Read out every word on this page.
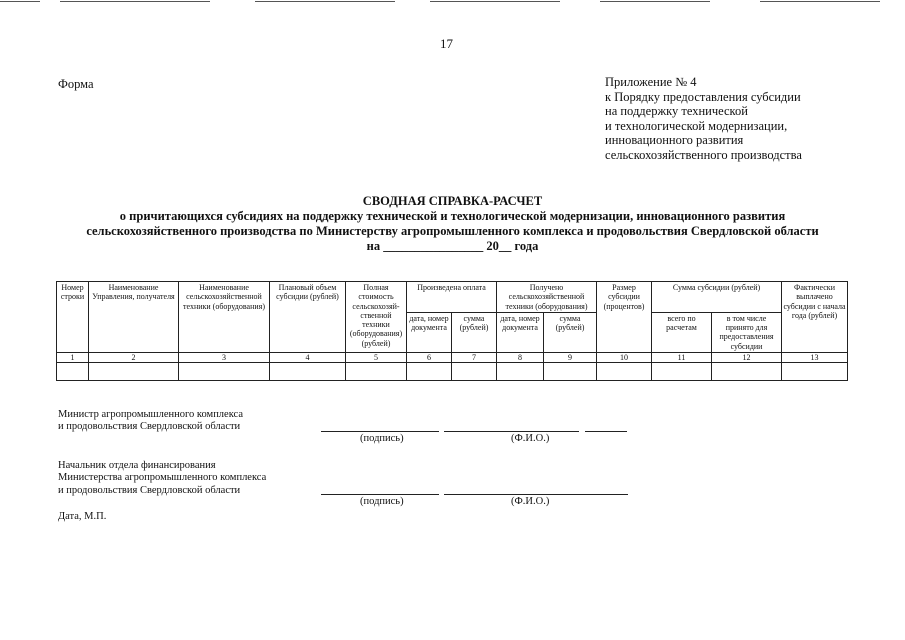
17
Форма	Приложение № 4
к Порядку предоставления субсидии
на поддержку технической
и технологической модернизации,
инновационного развития
сельскохозяйственного производства
СВОДНАЯ СПРАВКА-РАСЧЕТ
о причитающихся субсидиях на поддержку технической и технологической модернизации, инновационного развития
сельскохозяйственного производства по Министерству агропромышленного комплекса и продовольствия Свердловской области
на ________________ 20__ года
Номер строки	Наименование Управления, получателя	Наименование сельскохозяйственной техники (оборудования)	Плановый объем субсидии (рублей)	Полная стоимость сельскохозяй-ственной техники (оборудования) (рублей)	Произведена оплата		Получено сельскохозяйственной техники (оборудования)		Размер субсидии (процентов)	Сумма субсидии (рублей)		Фактически выплачено субсидии с начала года (рублей)
					дата, номер документа	сумма (рублей)	дата, номер документа	сумма (рублей)		всего по расчетам	в том числе принято для предоставления субсидии	
1	2	3	4	5	6	7	8	9	10	11	12	13

Министр агропромышленного комплекса
и продовольствия Свердловской области
(подпись)	(Ф.И.О.)
Начальник отдела финансирования
Министерства агропромышленного комплекса
и продовольствия Свердловской области
(подпись)	(Ф.И.О.)
Дата, М.П.
